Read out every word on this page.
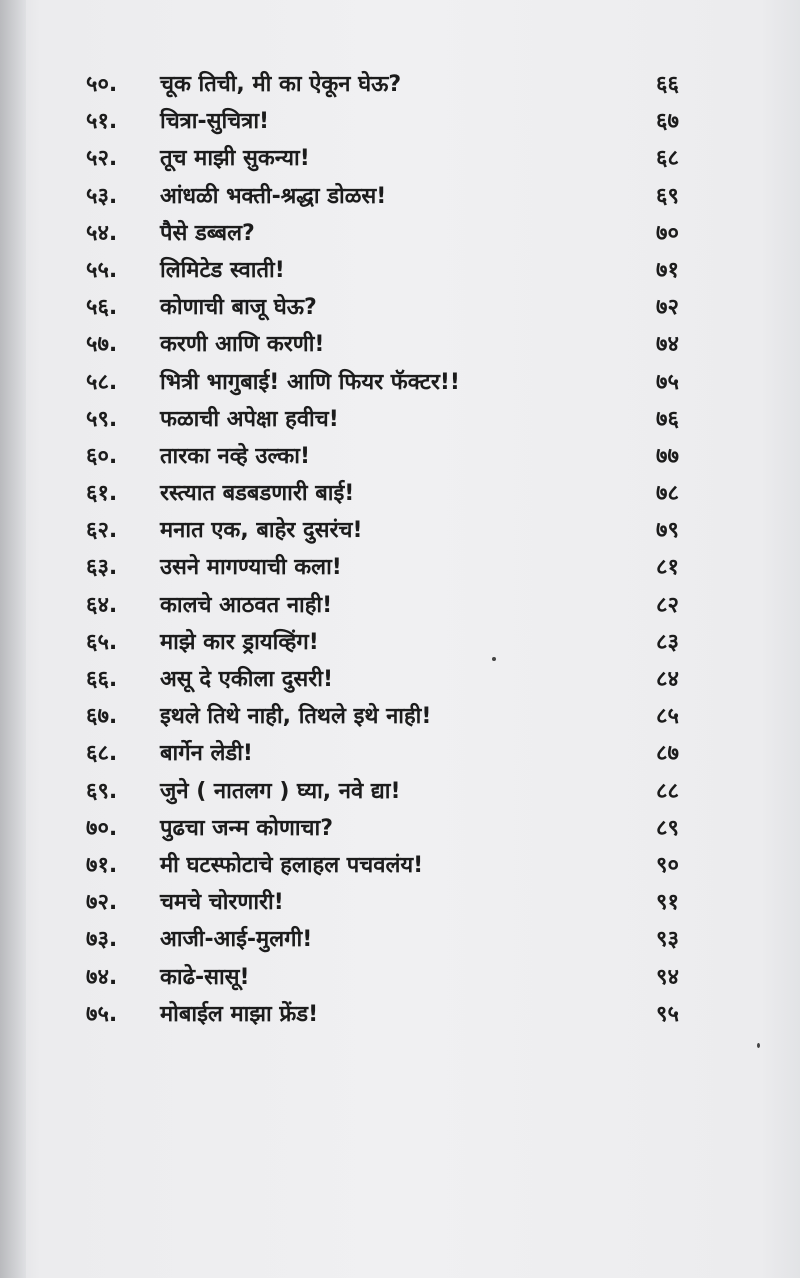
५०. चूक तिची, मी का ऐकून घेऊ?	६६
५१. चित्रा-सुचित्रा!	६७
५२. तूच माझी सुकन्या!	६८
५३. आंधळी भक्ती-श्रद्धा डोळस!	६९
५४. पैसे डब्बल?	७०
५५. लिमिटेड स्वाती!	७१
५६. कोणाची बाजू घेऊ?	७२
५७. करणी आणि करणी!	७४
५८. भित्री भागुबाई! आणि फियर फॅक्टर!!	७५
५९. फळाची अपेक्षा हवीच!	७६
६०. तारका नव्हे उल्का!	७७
६१. रस्त्यात बडबडणारी बाई!	७८
६२. मनात एक, बाहेर दुसरंच!	७९
६३. उसने मागण्याची कला!	८१
६४. कालचे आठवत नाही!	८२
६५. माझे कार ड्रायव्हिंग!	८३
६६. असू दे एकीला दुसरी!	८४
६७. इथले तिथे नाही, तिथले इथे नाही!	८५
६८. बार्गेन लेडी!	८७
६९. जुने ( नातलग ) घ्या, नवे द्या!	८८
७०. पुढचा जन्म कोणाचा?	८९
७१. मी घटस्फोटाचे हलाहल पचवलंय!	९०
७२. चमचे चोरणारी!	९१
७३. आजी-आई-मुलगी!	९३
७४. काढे-सासू!	९४
७५. मोबाईल माझा फ्रेंड!	९५
